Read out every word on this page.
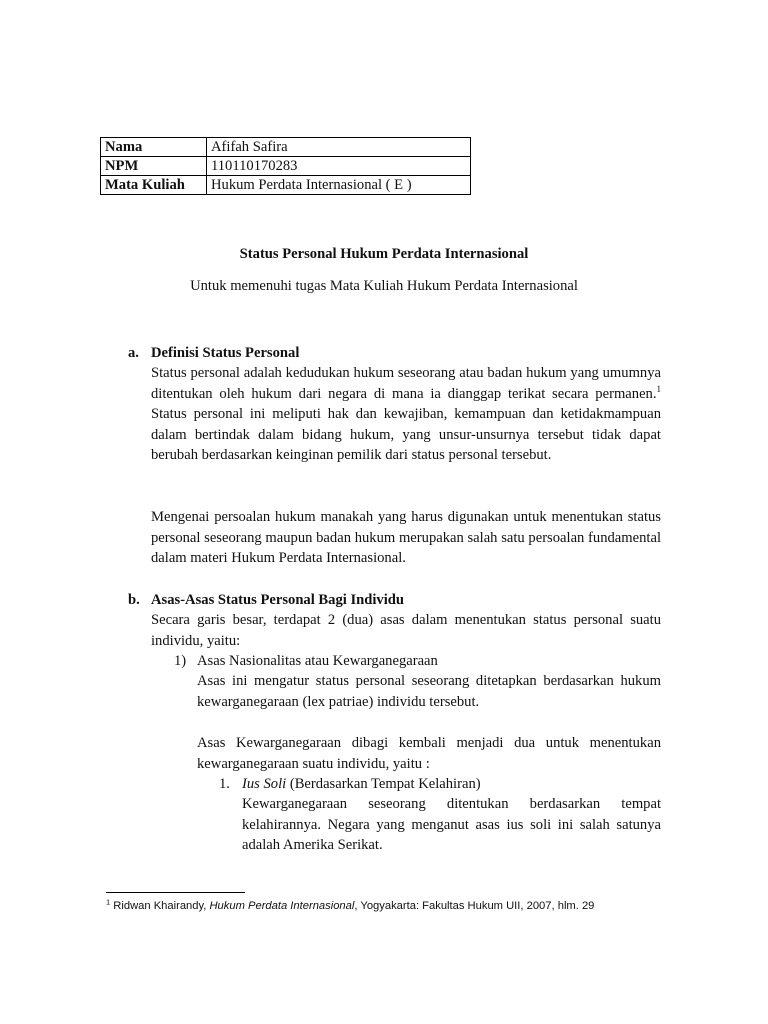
Nama	Afifah Safira
NPM	110110170283
Mata Kuliah	Hukum Perdata Internasional ( E )
Status Personal Hukum Perdata Internasional
Untuk memenuhi tugas Mata Kuliah Hukum Perdata Internasional
a. Definisi Status Personal

Status personal adalah kedudukan hukum seseorang atau badan hukum yang umumnya ditentukan oleh hukum dari negara di mana ia dianggap terikat secara permanen.$^1$ Status personal ini meliputi hak dan kewajiban, kemampuan dan ketidakmampuan dalam bertindak dalam bidang hukum, yang unsur-unsurnya tersebut tidak dapat berubah berdasarkan keinginan pemilik dari status personal tersebut.

Mengenai persoalan hukum manakah yang harus digunakan untuk menentukan status personal seseorang maupun badan hukum merupakan salah satu persoalan fundamental dalam materi Hukum Perdata Internasional.

b. Asas-Asas Status Personal Bagi Individu

Secara garis besar, terdapat 2 (dua) asas dalam menentukan status personal suatu individu, yaitu:

1) Asas Nasionalitas atau Kewarganegaraan

Asas ini mengatur status personal seseorang ditetapkan berdasarkan hukum kewarganegaraan (lex patriae) individu tersebut.

Asas Kewarganegaraan dibagi kembali menjadi dua untuk menentukan kewarganegaraan suatu individu, yaitu :

1. Ius Soli (Berdasarkan Tempat Kelahiran)

Kewarganegaraan seseorang ditentukan berdasarkan tempat kelahirannya. Negara yang menganut asas ius soli ini salah satunya adalah Amerika Serikat.

$^1$ Ridwan Khairandy, Hukum Perdata Internasional, Yogyakarta: Fakultas Hukum UII, 2007, hlm. 29
